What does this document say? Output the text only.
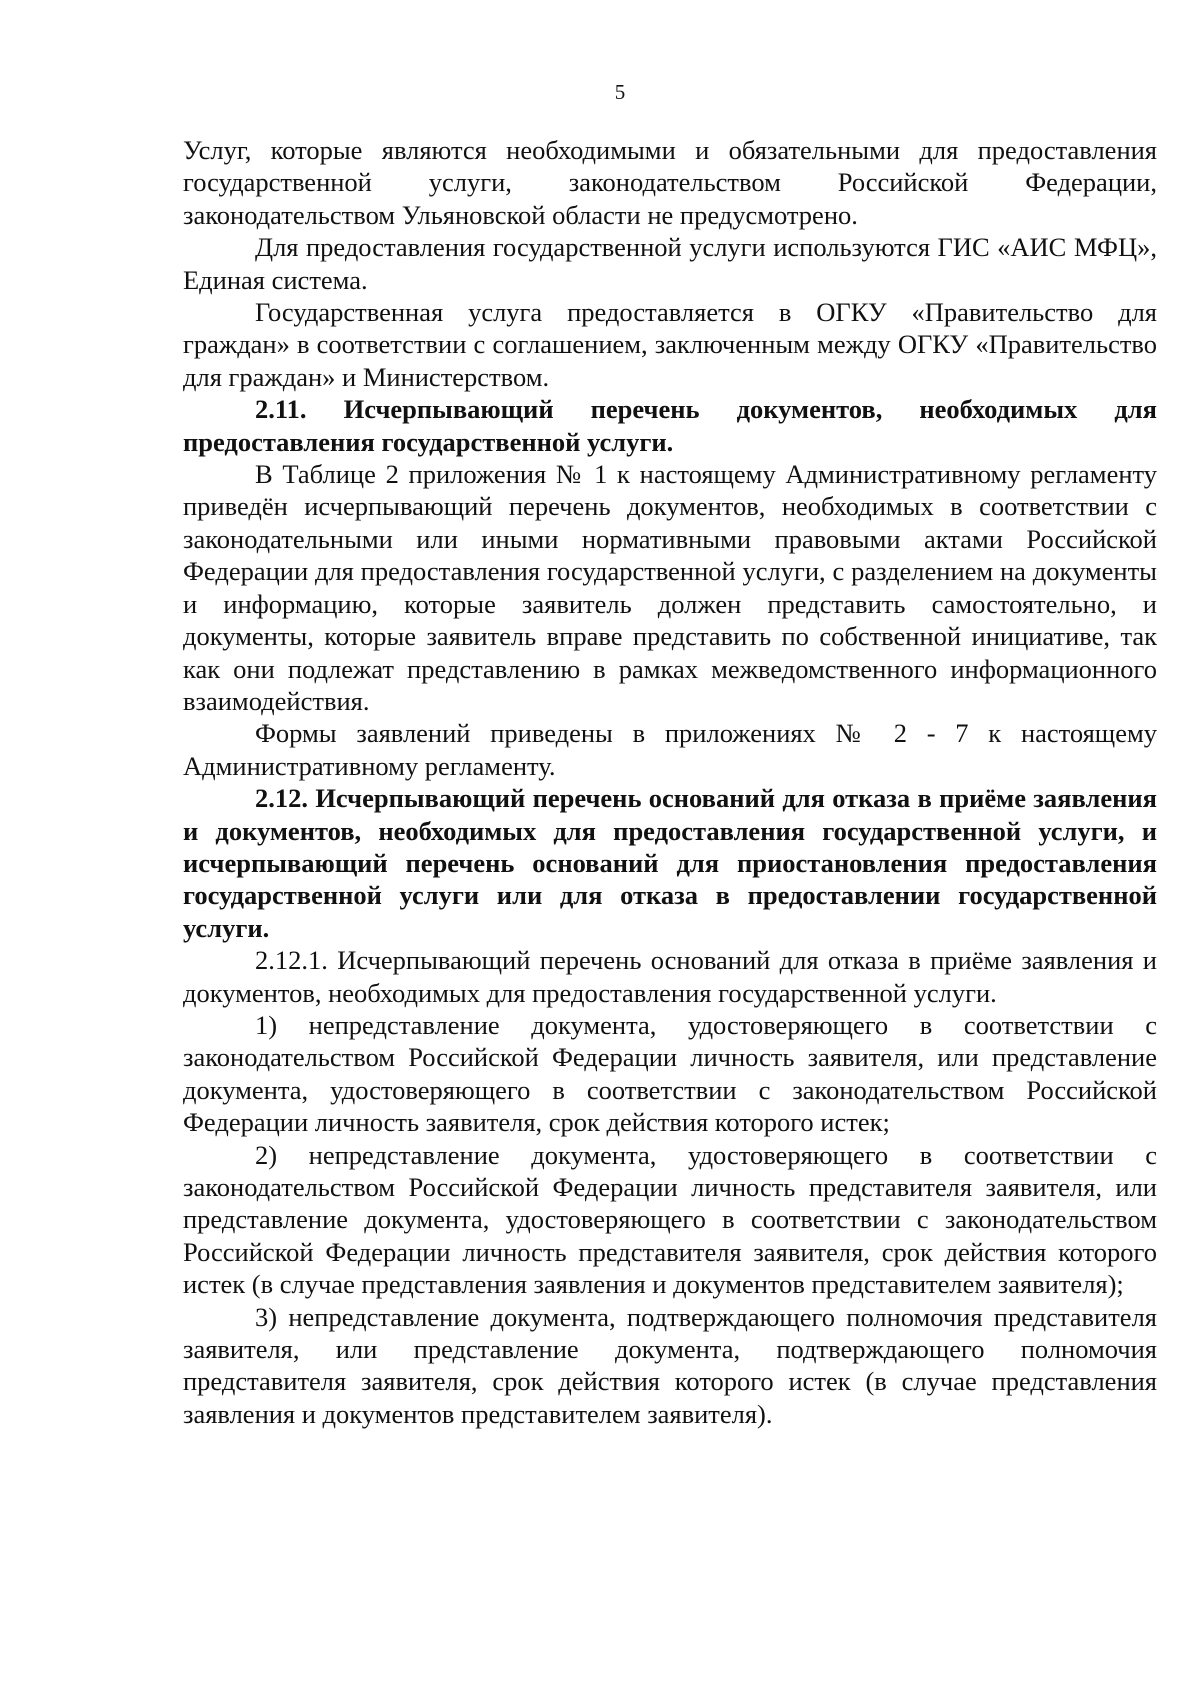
5

Услуг, которые являются необходимыми и обязательными для предоставления государственной услуги, законодательством Российской Федерации, законодательством Ульяновской области не предусмотрено.

Для предоставления государственной услуги используются ГИС «АИС МФЦ», Единая система.

Государственная услуга предоставляется в ОГКУ «Правительство для граждан» в соответствии с соглашением, заключенным между ОГКУ «Правительство для граждан» и Министерством.

2.11. Исчерпывающий перечень документов, необходимых для предоставления государственной услуги.

В Таблице 2 приложения № 1 к настоящему Административному регламенту приведён исчерпывающий перечень документов, необходимых в соответствии с законодательными или иными нормативными правовыми актами Российской Федерации для предоставления государственной услуги, с разделением на документы и информацию, которые заявитель должен представить самостоятельно, и документы, которые заявитель вправе представить по собственной инициативе, так как они подлежат представлению в рамках межведомственного информационного взаимодействия.

Формы заявлений приведены в приложениях № 2 - 7 к настоящему Административному регламенту.

2.12. Исчерпывающий перечень оснований для отказа в приёме заявления и документов, необходимых для предоставления государственной услуги, и исчерпывающий перечень оснований для приостановления предоставления государственной услуги или для отказа в предоставлении государственной услуги.

2.12.1. Исчерпывающий перечень оснований для отказа в приёме заявления и документов, необходимых для предоставления государственной услуги.

1) непредставление документа, удостоверяющего в соответствии с законодательством Российской Федерации личность заявителя, или представление документа, удостоверяющего в соответствии с законодательством Российской Федерации личность заявителя, срок действия которого истек;

2) непредставление документа, удостоверяющего в соответствии с законодательством Российской Федерации личность представителя заявителя, или представление документа, удостоверяющего в соответствии с законодательством Российской Федерации личность представителя заявителя, срок действия которого истек (в случае представления заявления и документов представителем заявителя);

3) непредставление документа, подтверждающего полномочия представителя заявителя, или представление документа, подтверждающего полномочия представителя заявителя, срок действия которого истек (в случае представления заявления и документов представителем заявителя).
